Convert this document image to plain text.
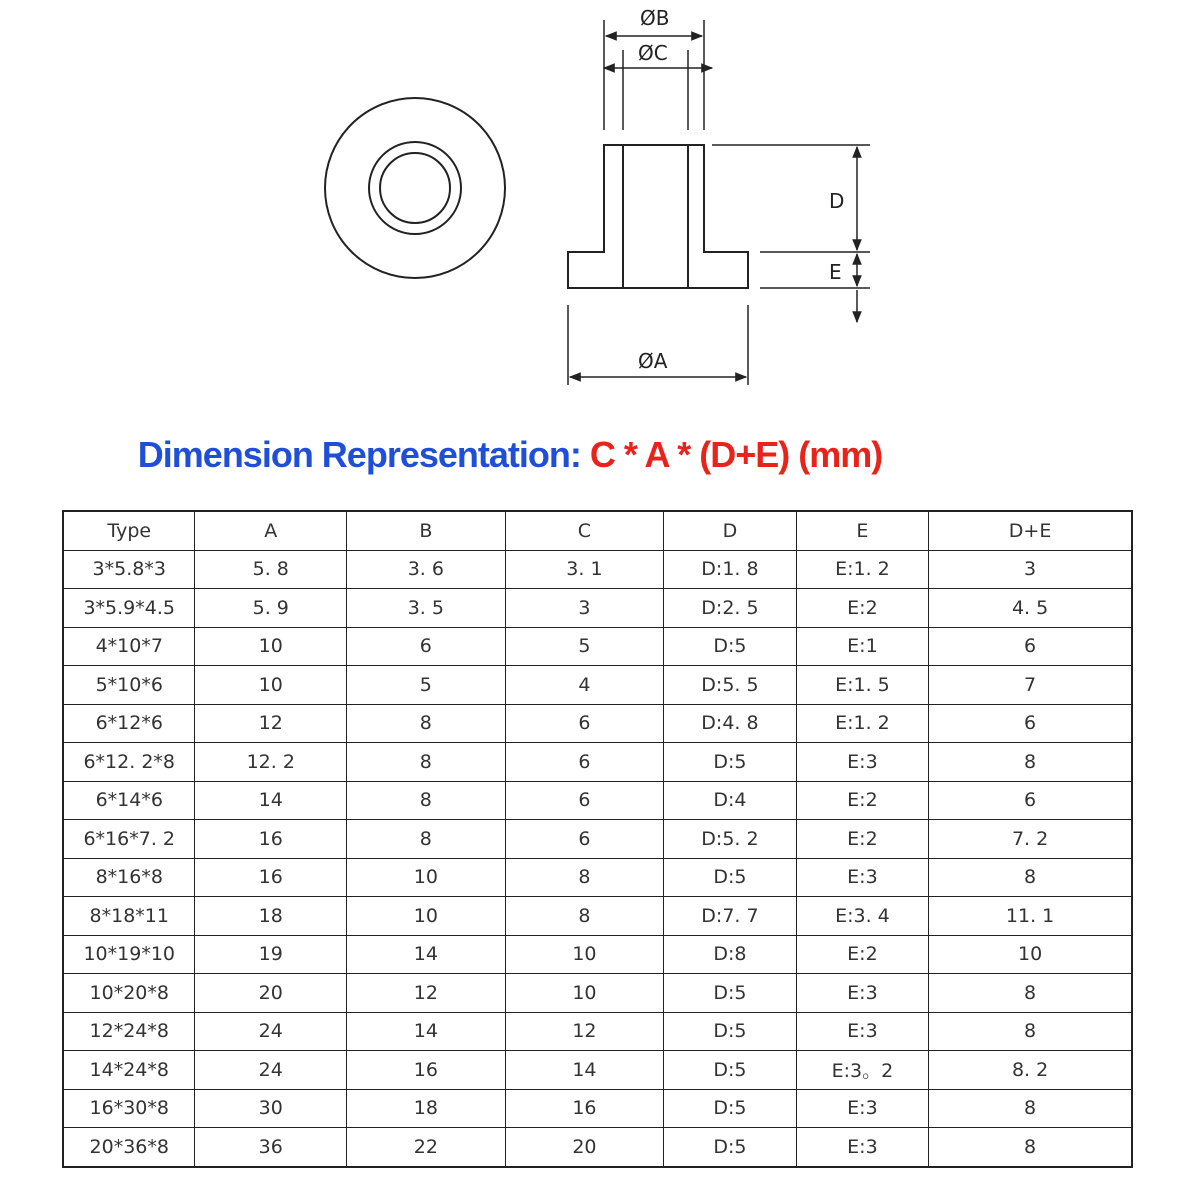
ØB
ØC
D
E
ØA
Dimension Representation: C * A * (D+E) (mm)
Type	A	B	C	D	E	D+E
3*5.8*3	5. 8	3. 6	3. 1	D:1. 8	E:1. 2	3
3*5.9*4.5	5. 9	3. 5	3	D:2. 5	E:2	4. 5
4*10*7	10	6	5	D:5	E:1	6
5*10*6	10	5	4	D:5. 5	E:1. 5	7
6*12*6	12	8	6	D:4. 8	E:1. 2	6
6*12. 2*8	12. 2	8	6	D:5	E:3	8
6*14*6	14	8	6	D:4	E:2	6
6*16*7. 2	16	8	6	D:5. 2	E:2	7. 2
8*16*8	16	10	8	D:5	E:3	8
8*18*11	18	10	8	D:7. 7	E:3. 4	11. 1
10*19*10	19	14	10	D:8	E:2	10
10*20*8	20	12	10	D:5	E:3	8
12*24*8	24	14	12	D:5	E:3	8
14*24*8	24	16	14	D:5	E:3。2	8. 2
16*30*8	30	18	16	D:5	E:3	8
20*36*8	36	22	20	D:5	E:3	8
